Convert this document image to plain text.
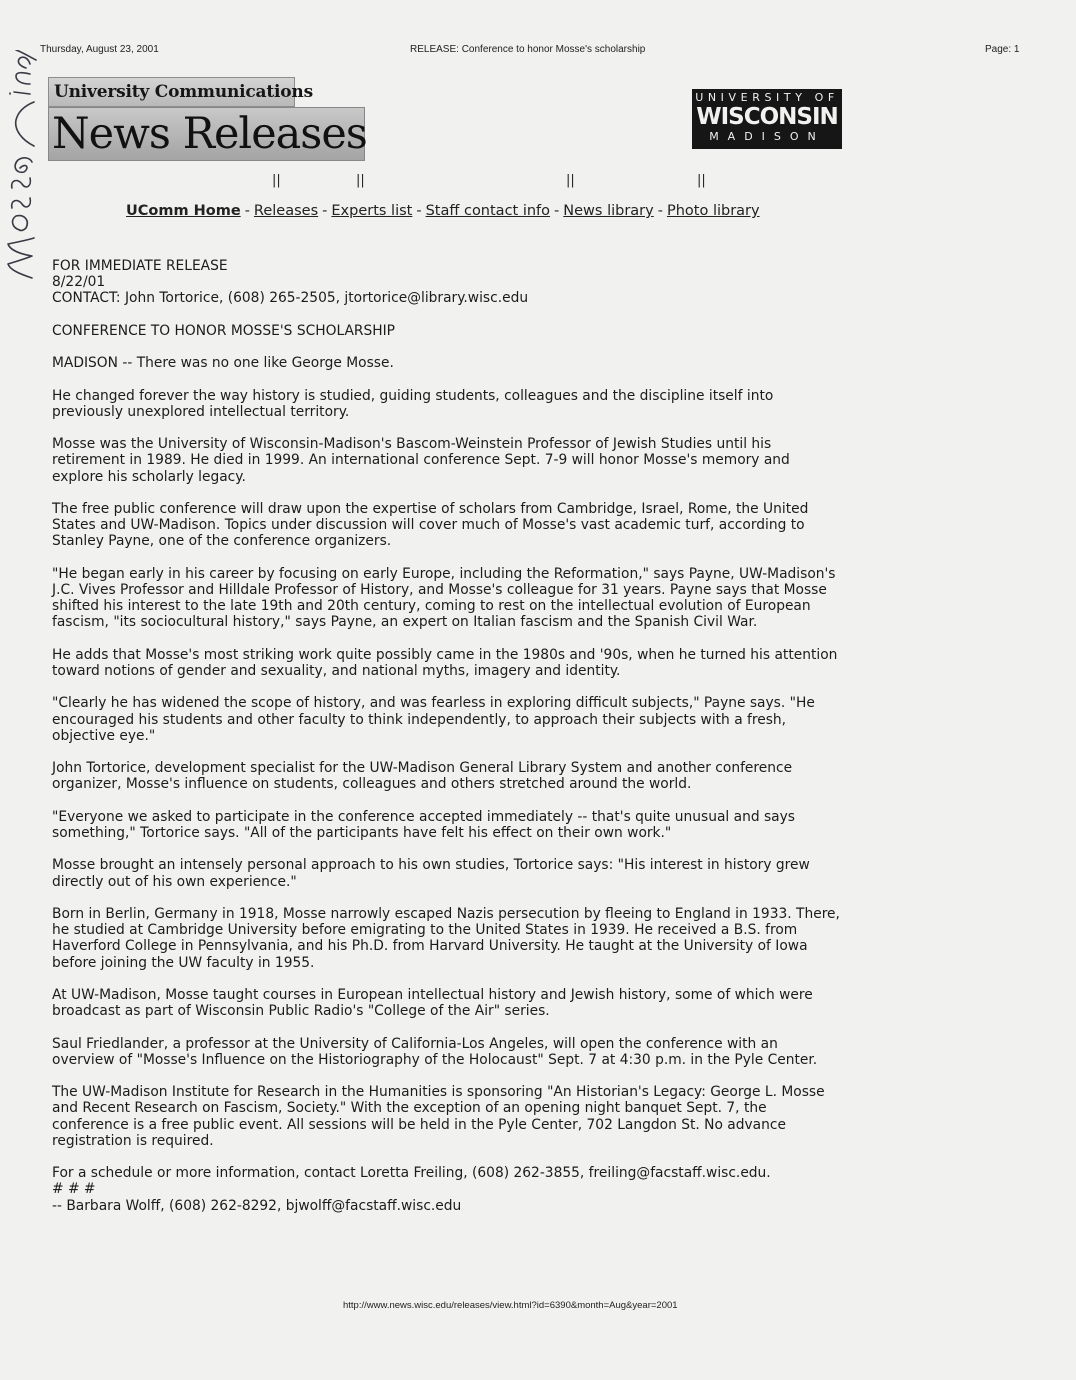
Thursday, August 23, 2001	RELEASE: Conference to honor Mosse's scholarship	Page: 1
University Communications
News Releases
UNIVERSITY OF
WISCONSIN
MADISON
||	||	||	||
UComm Home - Releases - Experts list - Staff contact info - News library - Photo library

FOR IMMEDIATE RELEASE

8/22/01

CONTACT: John Tortorice, (608) 265-2505, jtortorice@library.wisc.edu

CONFERENCE TO HONOR MOSSE'S SCHOLARSHIP

MADISON -- There was no one like George Mosse.

He changed forever the way history is studied, guiding students, colleagues and the discipline itself into previously unexplored intellectual territory.

Mosse was the University of Wisconsin-Madison's Bascom-Weinstein Professor of Jewish Studies until his retirement in 1989. He died in 1999. An international conference Sept. 7-9 will honor Mosse's memory and explore his scholarly legacy.

The free public conference will draw upon the expertise of scholars from Cambridge, Israel, Rome, the United States and UW-Madison. Topics under discussion will cover much of Mosse's vast academic turf, according to Stanley Payne, one of the conference organizers.

"He began early in his career by focusing on early Europe, including the Reformation," says Payne, UW-Madison's J.C. Vives Professor and Hilldale Professor of History, and Mosse's colleague for 31 years. Payne says that Mosse shifted his interest to the late 19th and 20th century, coming to rest on the intellectual evolution of European fascism, "its sociocultural history," says Payne, an expert on Italian fascism and the Spanish Civil War.

He adds that Mosse's most striking work quite possibly came in the 1980s and '90s, when he turned his attention toward notions of gender and sexuality, and national myths, imagery and identity.

"Clearly he has widened the scope of history, and was fearless in exploring difficult subjects," Payne says. "He encouraged his students and other faculty to think independently, to approach their subjects with a fresh, objective eye."

John Tortorice, development specialist for the UW-Madison General Library System and another conference organizer, Mosse's influence on students, colleagues and others stretched around the world.

"Everyone we asked to participate in the conference accepted immediately -- that's quite unusual and says something," Tortorice says. "All of the participants have felt his effect on their own work."

Mosse brought an intensely personal approach to his own studies, Tortorice says: "His interest in history grew directly out of his own experience."

Born in Berlin, Germany in 1918, Mosse narrowly escaped Nazis persecution by fleeing to England in 1933. There, he studied at Cambridge University before emigrating to the United States in 1939. He received a B.S. from Haverford College in Pennsylvania, and his Ph.D. from Harvard University. He taught at the University of Iowa before joining the UW faculty in 1955.

At UW-Madison, Mosse taught courses in European intellectual history and Jewish history, some of which were broadcast as part of Wisconsin Public Radio's "College of the Air" series.

Saul Friedlander, a professor at the University of California-Los Angeles, will open the conference with an overview of "Mosse's Influence on the Historiography of the Holocaust" Sept. 7 at 4:30 p.m. in the Pyle Center.

The UW-Madison Institute for Research in the Humanities is sponsoring "An Historian's Legacy: George L. Mosse and Recent Research on Fascism, Society." With the exception of an opening night banquet Sept. 7, the conference is a free public event. All sessions will be held in the Pyle Center, 702 Langdon St. No advance registration is required.

For a schedule or more information, contact Loretta Freiling, (608) 262-3855, freiling@facstaff.wisc.edu.

# # #

-- Barbara Wolff, (608) 262-8292, bjwolff@facstaff.wisc.edu

http://www.news.wisc.edu/releases/view.html?id=6390&month=Aug&year=2001
